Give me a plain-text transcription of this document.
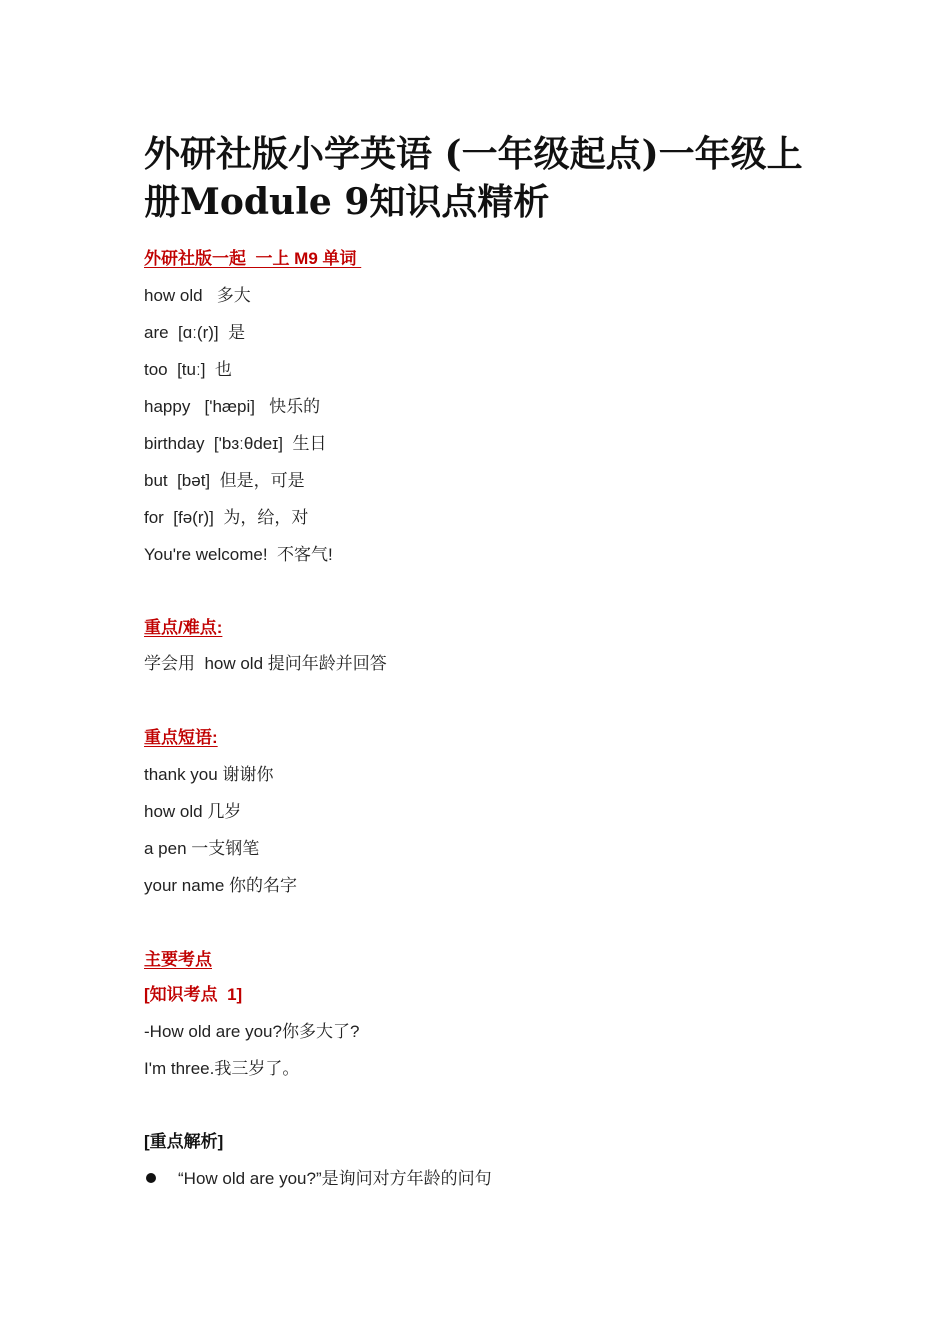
外研社版小学英语 (一年级起点)一年级上册Module 9知识点精析
外研社版一起  一上 M9 单词
how old   多大
are  [ɑː(r)]  是
too  [tuː]  也
happy   ['hæpi]   快乐的
birthday  ['bɜːθdeɪ]  生日
but  [bət]  但是，可是
for  [fə(r)]  为，给，对
You're welcome!  不客气!
重点/难点:
学会用  how old 提问年龄并回答
重点短语:
thank you 谢谢你
how old 几岁
a pen 一支钢笔
your name 你的名字
主要考点
[知识考点  1]
-How old are you?你多大了?
I'm three.我三岁了。
[重点解析]
“How old are you?”是询问对方年龄的问句
